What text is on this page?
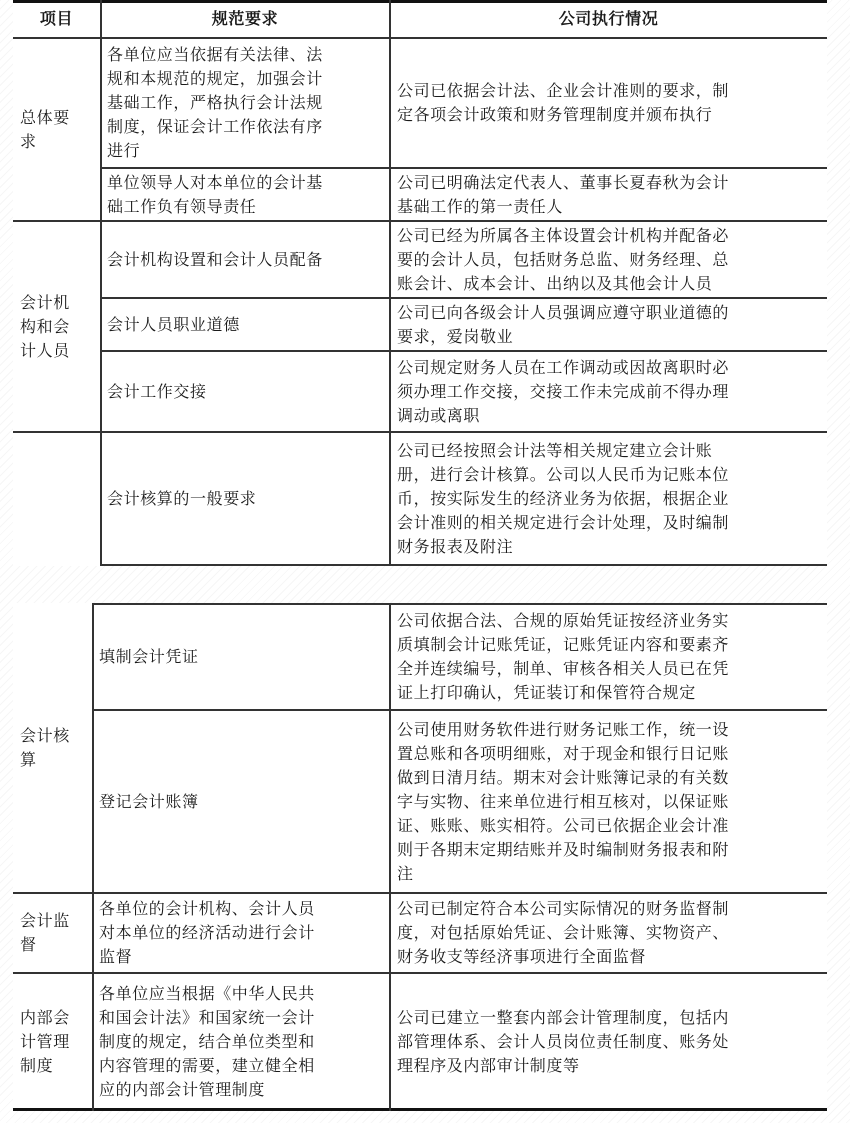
项目	规范要求	公司执行情况
总体要
求
各单位应当依据有关法律、法
规和本规范的规定，加强会计
基础工作，严格执行会计法规
制度，保证会计工作依法有序
进行
公司已依据会计法、企业会计准则的要求，制
定各项会计政策和财务管理制度并颁布执行
单位领导人对本单位的会计基
础工作负有领导责任
公司已明确法定代表人、董事长夏春秋为会计
基础工作的第一责任人
会计机
构和会
计人员
会计机构设置和会计人员配备
公司已经为所属各主体设置会计机构并配备必
要的会计人员，包括财务总监、财务经理、总
账会计、成本会计、出纳以及其他会计人员
会计人员职业道德
公司已向各级会计人员强调应遵守职业道德的
要求，爱岗敬业
会计工作交接
公司规定财务人员在工作调动或因故离职时必
须办理工作交接，交接工作未完成前不得办理
调动或离职
会计核算的一般要求
公司已经按照会计法等相关规定建立会计账
册，进行会计核算。公司以人民币为记账本位
币，按实际发生的经济业务为依据，根据企业
会计准则的相关规定进行会计处理，及时编制
财务报表及附注
会计核
算
填制会计凭证
公司依据合法、合规的原始凭证按经济业务实
质填制会计记账凭证，记账凭证内容和要素齐
全并连续编号，制单、审核各相关人员已在凭
证上打印确认，凭证装订和保管符合规定
登记会计账簿
公司使用财务软件进行财务记账工作，统一设
置总账和各项明细账，对于现金和银行日记账
做到日清月结。期末对会计账簿记录的有关数
字与实物、往来单位进行相互核对，以保证账
证、账账、账实相符。公司已依据企业会计准
则于各期末定期结账并及时编制财务报表和附
注
会计监
督
各单位的会计机构、会计人员
对本单位的经济活动进行会计
监督
公司已制定符合本公司实际情况的财务监督制
度，对包括原始凭证、会计账簿、实物资产、
财务收支等经济事项进行全面监督
内部会
计管理
制度
各单位应当根据《中华人民共
和国会计法》和国家统一会计
制度的规定，结合单位类型和
内容管理的需要，建立健全相
应的内部会计管理制度
公司已建立一整套内部会计管理制度，包括内
部管理体系、会计人员岗位责任制度、账务处
理程序及内部审计制度等
